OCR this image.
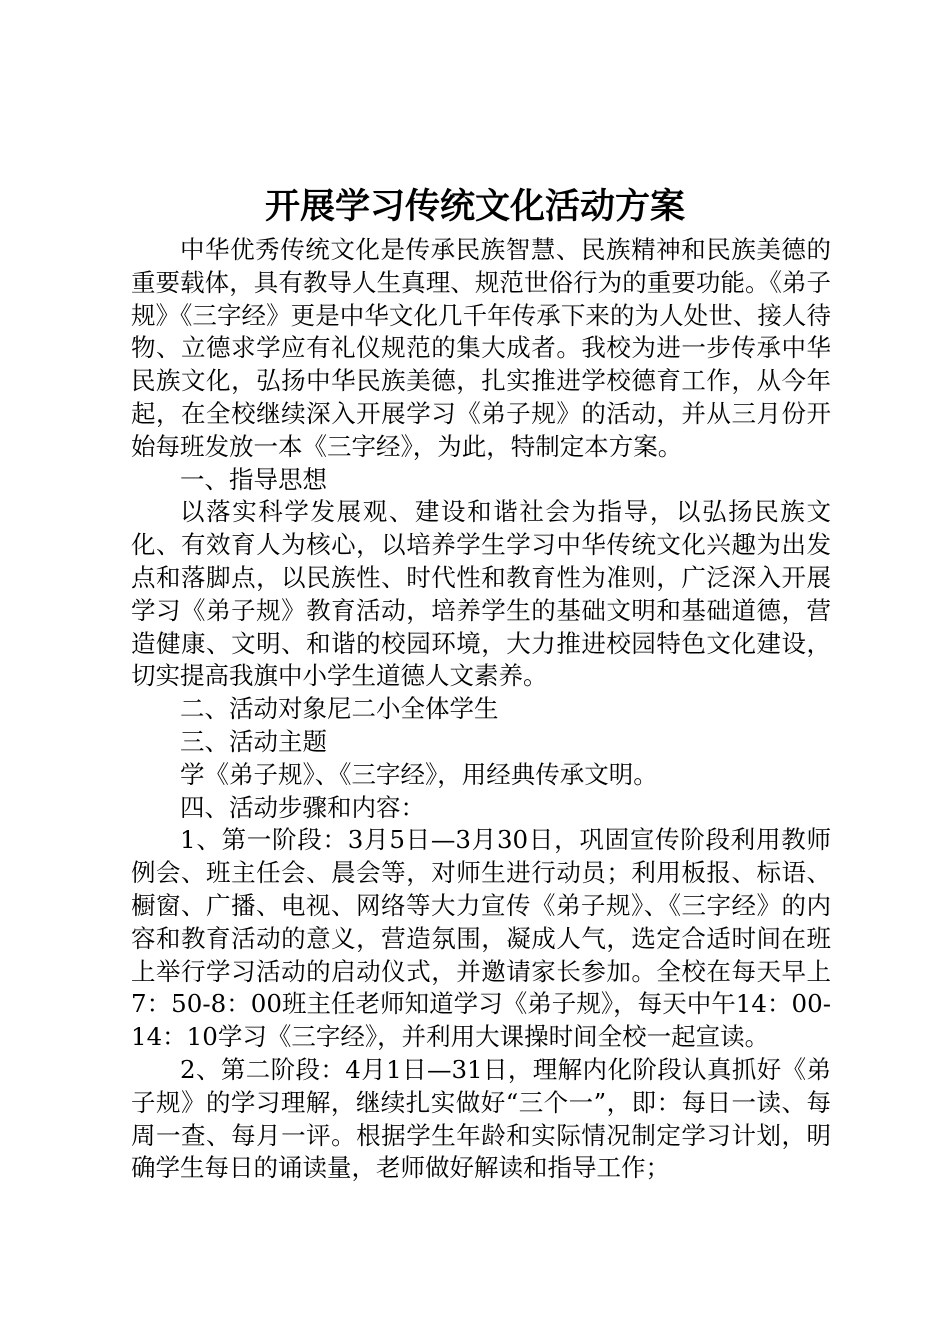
开展学习传统文化活动方案

中华优秀传统文化是传承民族智慧、民族精神和民族美德的重要载体，具有教导人生真理、规范世俗行为的重要功能。《弟子规》《三字经》更是中华文化几千年传承下来的为人处世、接人待物、立德求学应有礼仪规范的集大成者。我校为进一步传承中华民族文化，弘扬中华民族美德，扎实推进学校德育工作，从今年起，在全校继续深入开展学习《弟子规》的活动，并从三月份开始每班发放一本《三字经》，为此，特制定本方案。

一、指导思想

以落实科学发展观、建设和谐社会为指导，以弘扬民族文化、有效育人为核心，以培养学生学习中华传统文化兴趣为出发点和落脚点，以民族性、时代性和教育性为准则，广泛深入开展学习《弟子规》教育活动，培养学生的基础文明和基础道德，营造健康、文明、和谐的校园环境，大力推进校园特色文化建设，切实提高我旗中小学生道德人文素养。

二、活动对象尼二小全体学生

三、活动主题

学《弟子规》、《三字经》，用经典传承文明。

四、活动步骤和内容：

1、第一阶段：3月5日—3月30日，巩固宣传阶段利用教师例会、班主任会、晨会等，对师生进行动员；利用板报、标语、橱窗、广播、电视、网络等大力宣传《弟子规》、《三字经》的内容和教育活动的意义，营造氛围，凝成人气，选定合适时间在班上举行学习活动的启动仪式，并邀请家长参加。全校在每天早上7：50-8：00班主任老师知道学习《弟子规》，每天中午14：00-14：10学习《三字经》，并利用大课操时间全校一起宣读。

2、第二阶段：4月1日—31日，理解内化阶段认真抓好《弟子规》的学习理解，继续扎实做好“三个一”，即：每日一读、每周一查、每月一评。根据学生年龄和实际情况制定学习计划，明确学生每日的诵读量，老师做好解读和指导工作；
